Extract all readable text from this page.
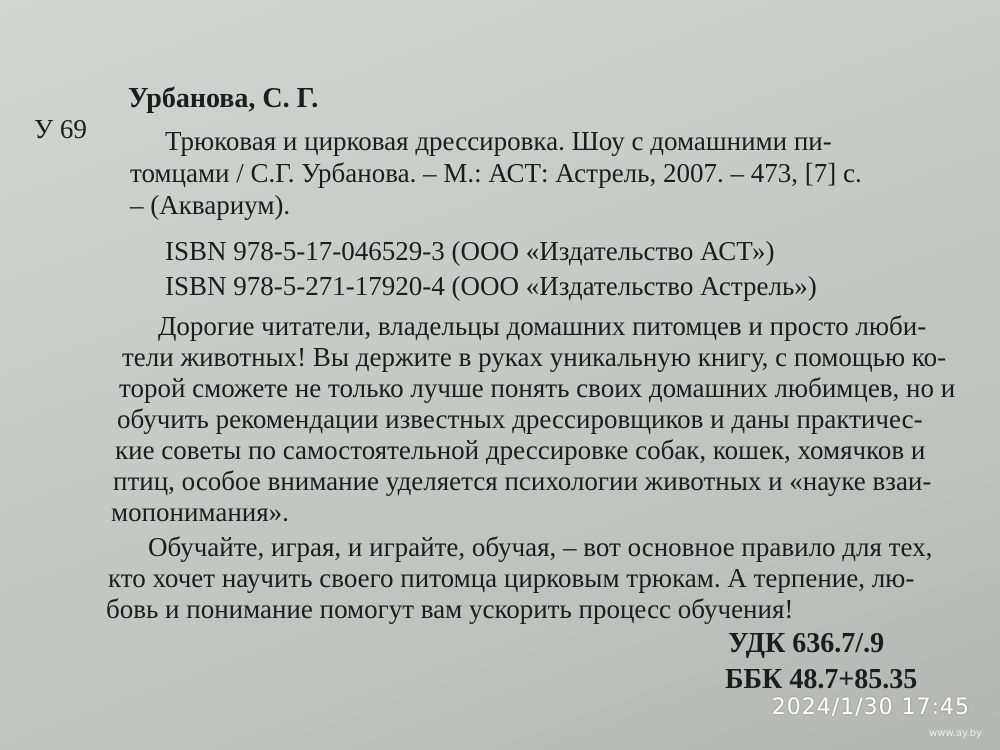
Урбанова, С. Г.
У 69	Трюковая и цирковая дрессировка. Шоу с домашними пи-
томцами / С.Г. Урбанова. – М.: АСТ: Астрель, 2007. – 473, [7] с.
– (Аквариум).
ISBN 978-5-17-046529-3 (ООО «Издательство АСТ»)
ISBN 978-5-271-17920-4 (ООО «Издательство Астрель»)
Дорогие читатели, владельцы домашних питомцев и просто люби-
тели животных! Вы держите в руках уникальную книгу, с помощью ко-
торой сможете не только лучше понять своих домашних любимцев, но и
обучить рекомендации известных дрессировщиков и даны практичес-
кие советы по самостоятельной дрессировке собак, кошек, хомячков и
птиц, особое внимание уделяется психологии животных и «науке взаи-
мопонимания».
Обучайте, играя, и играйте, обучая, – вот основное правило для тех,
кто хочет научить своего питомца цирковым трюкам. А терпение, лю-
бовь и понимание помогут вам ускорить процесс обучения!
УДК 636.7/.9
ББК 48.7+85.35
2024/1/30 17:45
www.ay.by
